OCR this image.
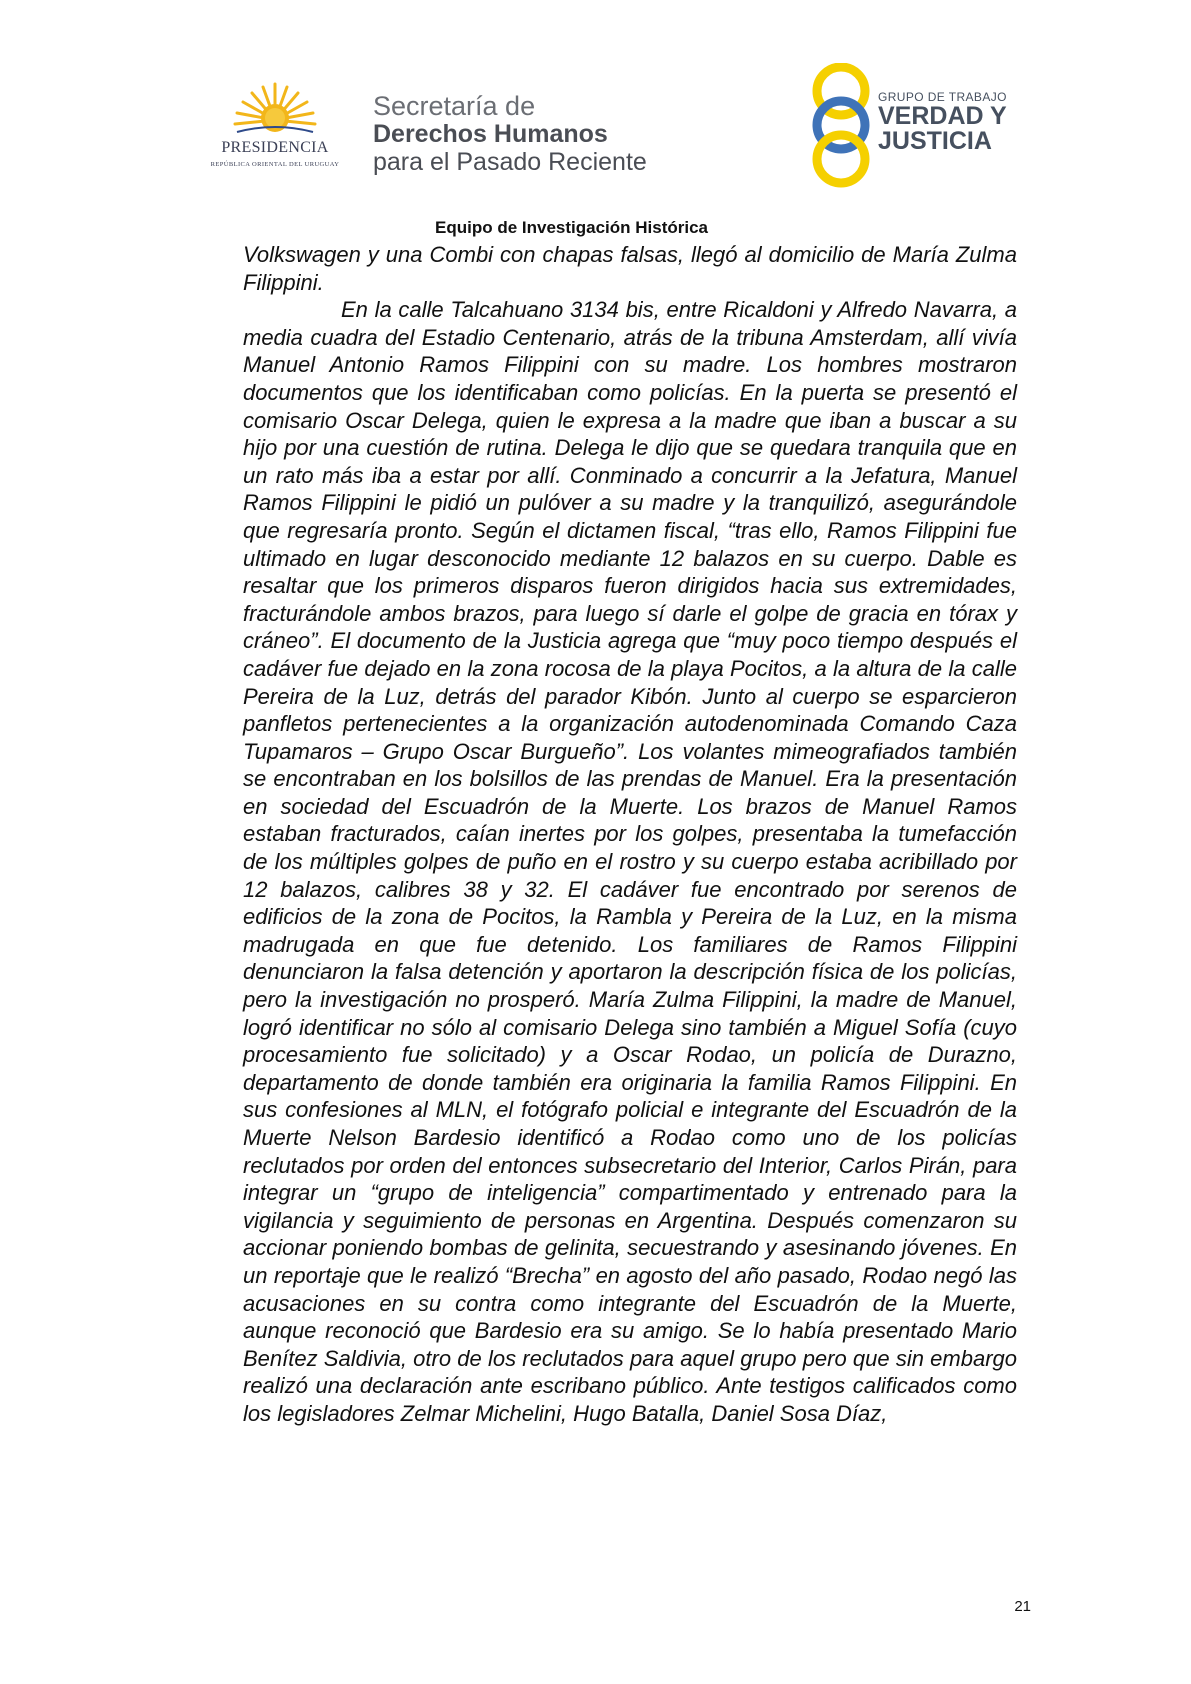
PRESIDENCIA
REPÚBLICA ORIENTAL DEL URUGUAY
Secretaría de
Derechos Humanos
para el Pasado Reciente
GRUPO DE TRABAJO
VERDAD Y
JUSTICIA
Equipo de Investigación Histórica

Volkswagen y una Combi con chapas falsas, llegó al domicilio de María Zulma Filippini.

En la calle Talcahuano 3134 bis, entre Ricaldoni y Alfredo Navarra, a media cuadra del Estadio Centenario, atrás de la tribuna Amsterdam, allí vivía Manuel Antonio Ramos Filippini con su madre. Los hombres mostraron documentos que los identificaban como policías. En la puerta se presentó el comisario Oscar Delega, quien le expresa a la madre que iban a buscar a su hijo por una cuestión de rutina. Delega le dijo que se quedara tranquila que en un rato más iba a estar por allí. Conminado a concurrir a la Jefatura, Manuel Ramos Filippini le pidió un pulóver a su madre y la tranquilizó, asegurándole que regresaría pronto. Según el dictamen fiscal, “tras ello, Ramos Filippini fue ultimado en lugar desconocido mediante 12 balazos en su cuerpo. Dable es resaltar que los primeros disparos fueron dirigidos hacia sus extremidades, fracturándole ambos brazos, para luego sí darle el golpe de gracia en tórax y cráneo”. El documento de la Justicia agrega que “muy poco tiempo después el cadáver fue dejado en la zona rocosa de la playa Pocitos, a la altura de la calle Pereira de la Luz, detrás del parador Kibón. Junto al cuerpo se esparcieron panfletos pertenecientes a la organización autodenominada Comando Caza Tupamaros – Grupo Oscar Burgueño”. Los volantes mimeografiados también se encontraban en los bolsillos de las prendas de Manuel. Era la presentación en sociedad del Escuadrón de la Muerte. Los brazos de Manuel Ramos estaban fracturados, caían inertes por los golpes, presentaba la tumefacción de los múltiples golpes de puño en el rostro y su cuerpo estaba acribillado por 12 balazos, calibres 38 y 32. El cadáver fue encontrado por serenos de edificios de la zona de Pocitos, la Rambla y Pereira de la Luz, en la misma madrugada en que fue detenido. Los familiares de Ramos Filippini denunciaron la falsa detención y aportaron la descripción física de los policías, pero la investigación no prosperó. María Zulma Filippini, la madre de Manuel, logró identificar no sólo al comisario Delega sino también a Miguel Sofía (cuyo procesamiento fue solicitado) y a Oscar Rodao, un policía de Durazno, departamento de donde también era originaria la familia Ramos Filippini. En sus confesiones al MLN, el fotógrafo policial e integrante del Escuadrón de la Muerte Nelson Bardesio identificó a Rodao como uno de los policías reclutados por orden del entonces subsecretario del Interior, Carlos Pirán, para integrar un “grupo de inteligencia” compartimentado y entrenado para la vigilancia y seguimiento de personas en Argentina. Después comenzaron su accionar poniendo bombas de gelinita, secuestrando y asesinando jóvenes. En un reportaje que le realizó “Brecha” en agosto del año pasado, Rodao negó las acusaciones en su contra como integrante del Escuadrón de la Muerte, aunque reconoció que Bardesio era su amigo. Se lo había presentado Mario Benítez Saldivia, otro de los reclutados para aquel grupo pero que sin embargo realizó una declaración ante escribano público. Ante testigos calificados como los legisladores Zelmar Michelini, Hugo Batalla, Daniel Sosa Díaz,

21
